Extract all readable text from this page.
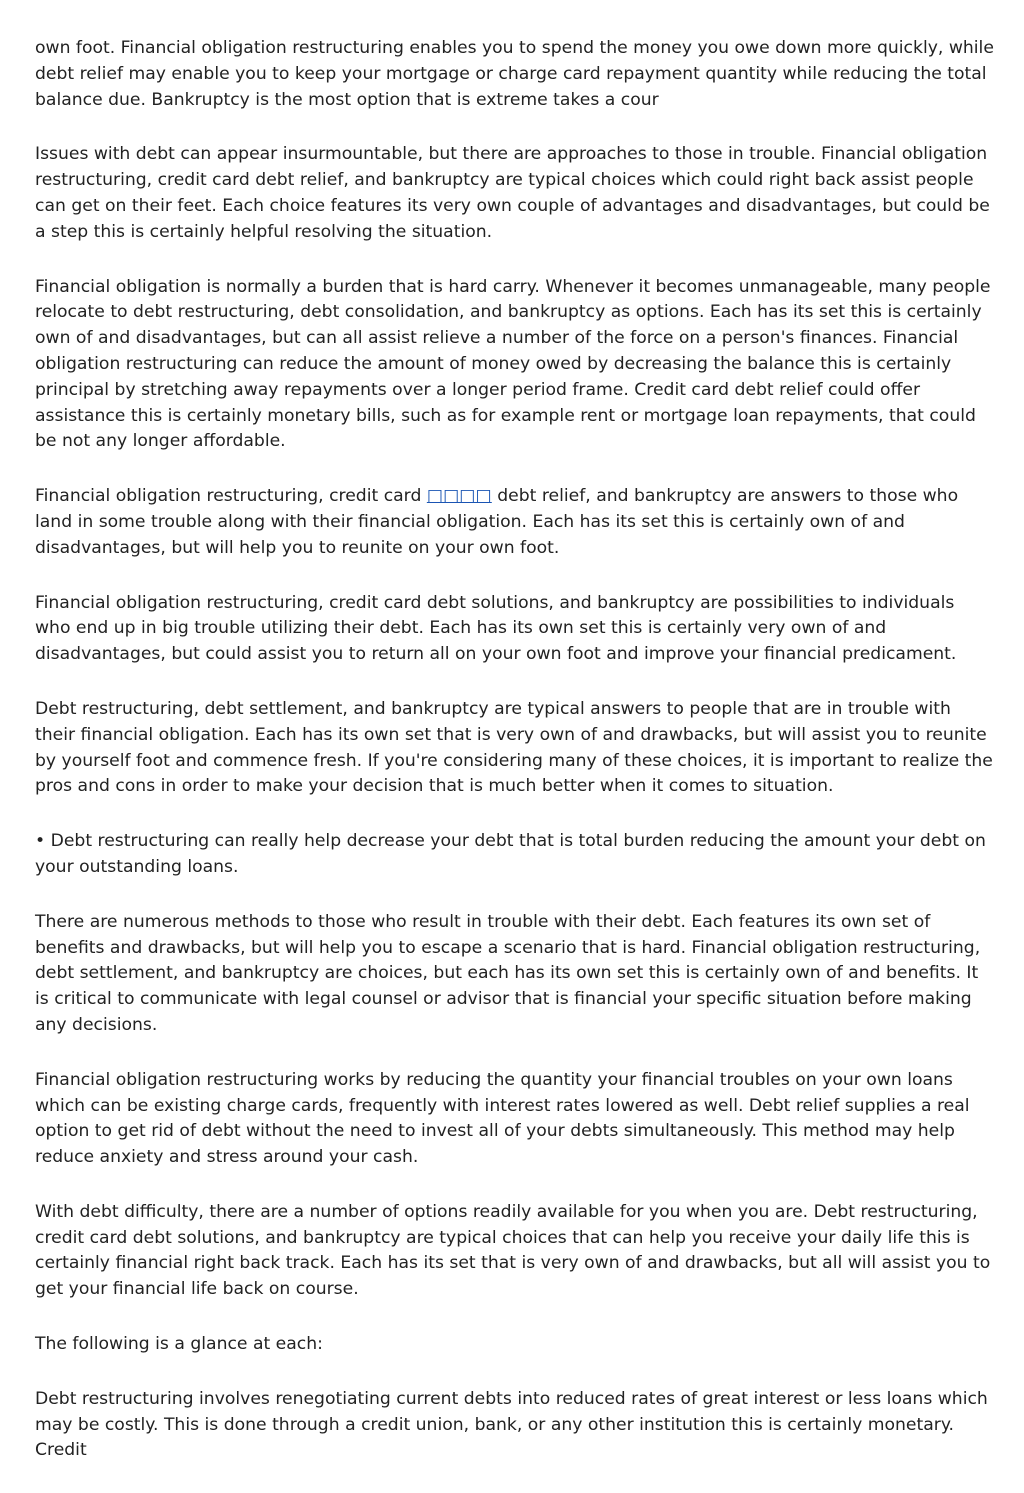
own foot. Financial obligation restructuring enables you to spend the money you owe down more quickly, while debt relief may enable you to keep your mortgage or charge card repayment quantity while reducing the total balance due. Bankruptcy is the most option that is extreme takes a cour

Issues with debt can appear insurmountable, but there are approaches to those in trouble. Financial obligation restructuring, credit card debt relief, and bankruptcy are typical choices which could right back assist people can get on their feet. Each choice features its very own couple of advantages and disadvantages, but could be a step this is certainly helpful resolving the situation.

Financial obligation is normally a burden that is hard carry. Whenever it becomes unmanageable, many people relocate to debt restructuring, debt consolidation, and bankruptcy as options. Each has its set this is certainly own of and disadvantages, but can all assist relieve a number of the force on a person's finances. Financial obligation restructuring can reduce the amount of money owed by decreasing the balance this is certainly principal by stretching away repayments over a longer period frame. Credit card debt relief could offer assistance this is certainly monetary bills, such as for example rent or mortgage loan repayments, that could be not any longer affordable.

Financial obligation restructuring, credit card □□□□ debt relief, and bankruptcy are answers to those who land in some trouble along with their financial obligation. Each has its set this is certainly own of and disadvantages, but will help you to reunite on your own foot.

Financial obligation restructuring, credit card debt solutions, and bankruptcy are possibilities to individuals who end up in big trouble utilizing their debt. Each has its own set this is certainly very own of and disadvantages, but could assist you to return all on your own foot and improve your financial predicament.

Debt restructuring, debt settlement, and bankruptcy are typical answers to people that are in trouble with their financial obligation. Each has its own set that is very own of and drawbacks, but will assist you to reunite by yourself foot and commence fresh. If you're considering many of these choices, it is important to realize the pros and cons in order to make your decision that is much better when it comes to situation.

• Debt restructuring can really help decrease your debt that is total burden reducing the amount your debt on your outstanding loans.

There are numerous methods to those who result in trouble with their debt. Each features its own set of benefits and drawbacks, but will help you to escape a scenario that is hard. Financial obligation restructuring, debt settlement, and bankruptcy are choices, but each has its own set this is certainly own of and benefits. It is critical to communicate with legal counsel or advisor that is financial your specific situation before making any decisions.

Financial obligation restructuring works by reducing the quantity your financial troubles on your own loans which can be existing charge cards, frequently with interest rates lowered as well. Debt relief supplies a real option to get rid of debt without the need to invest all of your debts simultaneously. This method may help reduce anxiety and stress around your cash.

With debt difficulty, there are a number of options readily available for you when you are. Debt restructuring, credit card debt solutions, and bankruptcy are typical choices that can help you receive your daily life this is certainly financial right back track. Each has its set that is very own of and drawbacks, but all will assist you to get your financial life back on course.

The following is a glance at each:

Debt restructuring involves renegotiating current debts into reduced rates of great interest or less loans which may be costly. This is done through a credit union, bank, or any other institution this is certainly monetary. Credit
